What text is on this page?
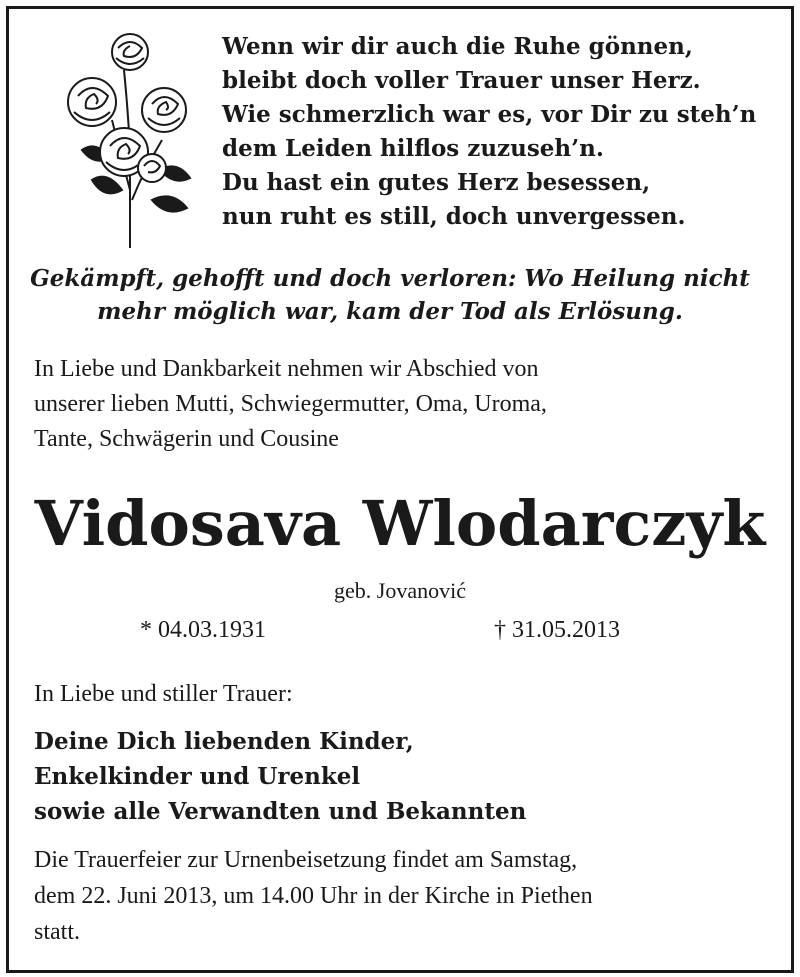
Wenn wir dir auch die Ruhe gönnen,
bleibt doch voller Trauer unser Herz.
Wie schmerzlich war es, vor Dir zu steh’n
dem Leiden hilflos zuzuseh’n.
Du hast ein gutes Herz besessen,
nun ruht es still, doch unvergessen.
Gekämpft, gehofft und doch verloren: Wo Heilung nicht
mehr möglich war, kam der Tod als Erlösung.
In Liebe und Dankbarkeit nehmen wir Abschied von
unserer lieben Mutti, Schwiegermutter, Oma, Uroma,
Tante, Schwägerin und Cousine
Vidosava Wlodarczyk
geb. Jovanović
* 04.03.1931	† 31.05.2013
In Liebe und stiller Trauer:
Deine Dich liebenden Kinder,
Enkelkinder und Urenkel
sowie alle Verwandten und Bekannten
Die Trauerfeier zur Urnenbeisetzung findet am Samstag,
dem 22. Juni 2013, um 14.00 Uhr in der Kirche in Piethen
statt.
